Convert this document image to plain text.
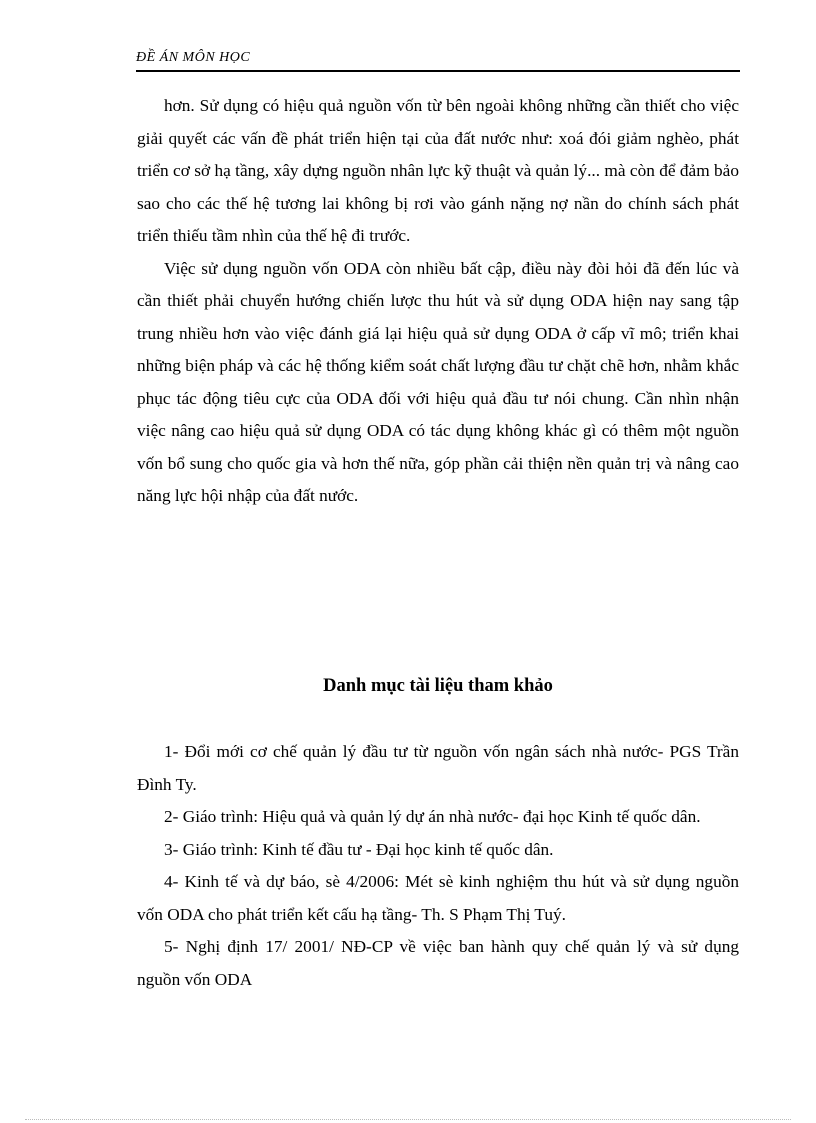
ĐỀ ÁN MÔN HỌC

hơn. Sử dụng có hiệu quả nguồn vốn từ bên ngoài không những cần thiết cho việc giải quyết các vấn đề phát triển hiện tại của đất nước như: xoá đói giảm nghèo, phát triển cơ sở hạ tầng, xây dựng nguồn nhân lực kỹ thuật và quản lý... mà còn để đảm bảo sao cho các thế hệ tương lai không bị rơi vào gánh nặng nợ nần do chính sách phát triển thiếu tầm nhìn của thế hệ đi trước.

Việc sử dụng nguồn vốn ODA còn nhiều bất cập, điều này đòi hỏi đã đến lúc và cần thiết phải chuyển hướng chiến lược thu hút và sử dụng ODA hiện nay sang tập trung nhiều hơn vào việc đánh giá lại hiệu quả sử dụng ODA ở cấp vĩ mô; triển khai những biện pháp và các hệ thống kiểm soát chất lượng đầu tư chặt chẽ hơn, nhằm khắc phục tác động tiêu cực của ODA đối với hiệu quả đầu tư nói chung. Cần nhìn nhận việc nâng cao hiệu quả sử dụng ODA có tác dụng không khác gì có thêm một nguồn vốn bổ sung cho quốc gia và hơn thế nữa, góp phần cải thiện nền quản trị và nâng cao năng lực hội nhập của đất nước.

Danh mục tài liệu tham khảo

1- Đổi mới cơ chế quản lý đầu tư từ nguồn vốn ngân sách nhà nước- PGS Trần Đình Ty.

2- Giáo trình: Hiệu quả và quản lý dự án nhà nước- đại học Kinh tế quốc dân.

3- Giáo trình: Kinh tế đầu tư - Đại học kinh tế quốc dân.

4- Kinh tế và dự báo, sè 4/2006: Mét sè kinh nghiệm thu hút và sử dụng nguồn vốn ODA cho phát triển kết cấu hạ tầng- Th. S Phạm Thị Tuý.

5- Nghị định 17/ 2001/ NĐ-CP về việc ban hành quy chế quản lý và sử dụng nguồn vốn ODA
